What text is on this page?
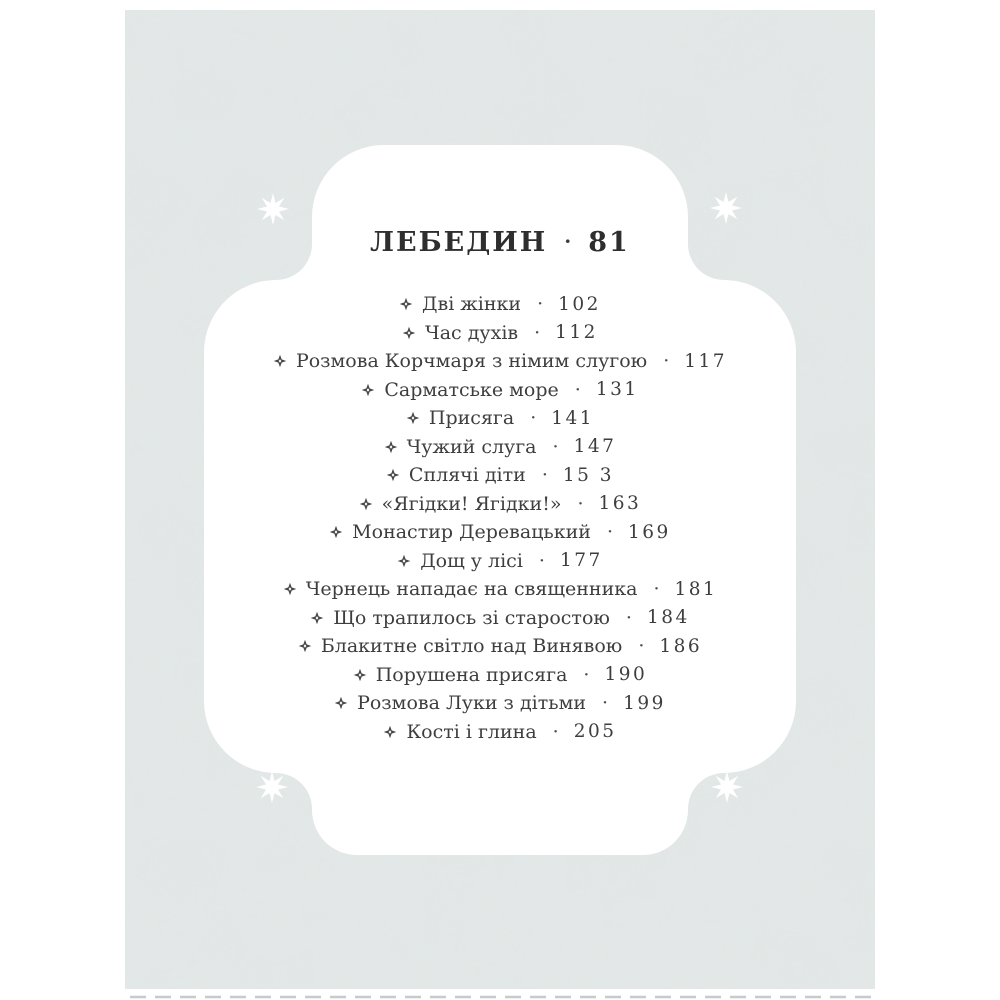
ЛЕБЕДИН · 81
Дві жінки · 102
Час духів · 112
Розмова Корчмаря з німим слугою · 117
Сарматське море · 131
Присяга · 141
Чужий слуга · 147
Сплячі діти · 15 3
«Ягідки! Ягідки!» · 163
Монастир Деревацький · 169
Дощ у лісі · 177
Чернець нападає на священника · 181
Що трапилось зі старостою · 184
Блакитне світло над Винявою · 186
Порушена присяга · 190
Розмова Луки з дітьми · 199
Кості і глина · 205
